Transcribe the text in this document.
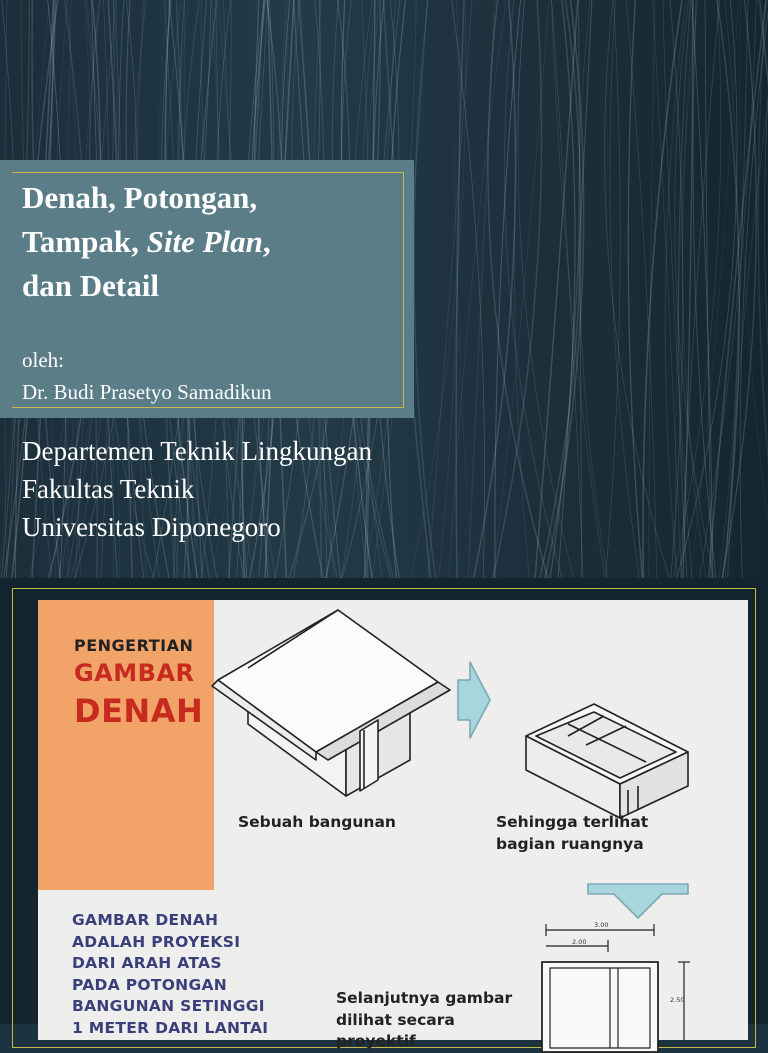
Denah, Potongan,
Tampak, Site Plan,
dan Detail
oleh:
Dr. Budi Prasetyo Samadikun
Departemen Teknik Lingkungan
Fakultas Teknik
Universitas Diponegoro
PENGERTIAN
GAMBAR
DENAH
3.00
2.00
2.50
Sebuah bangunan	Sehingga terlihat
bagian ruangnya
Selanjutnya gambar
dilihat secara proyektif
GAMBAR DENAH
ADALAH PROYEKSI
DARI ARAH ATAS
PADA POTONGAN
BANGUNAN SETINGGI
1 METER DARI LANTAI
